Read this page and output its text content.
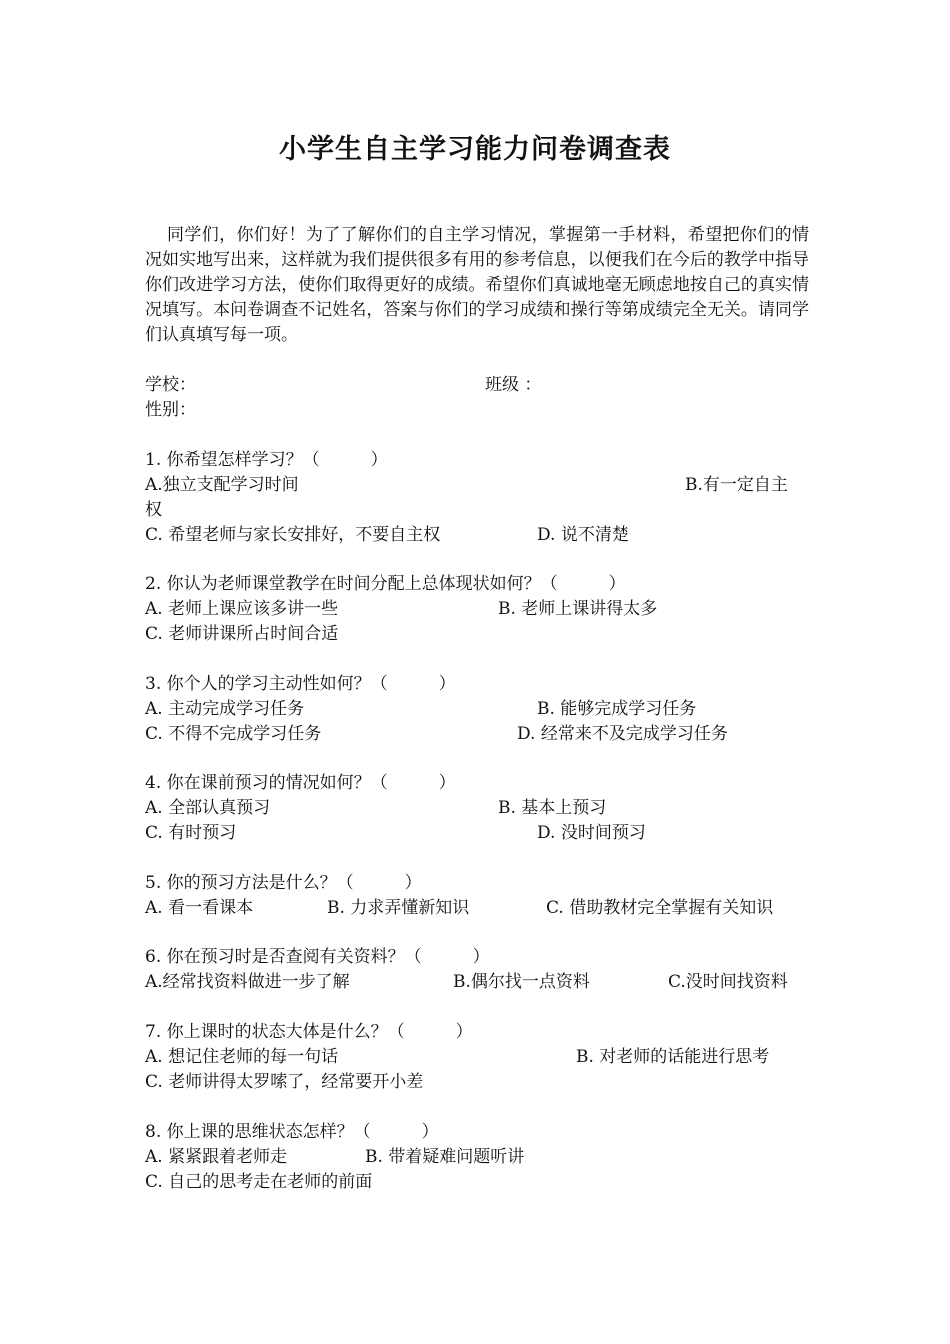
小学生自主学习能力问卷调查表
同学们，你们好！为了了解你们的自主学习情况，掌握第一手材料，希望把你们的情况如实地写出来，这样就为我们提供很多有用的参考信息，以便我们在今后的教学中指导你们改进学习方法，使你们取得更好的成绩。希望你们真诚地毫无顾虑地按自己的真实情况填写。本问卷调查不记姓名，答案与你们的学习成绩和操行等第成绩完全无关。请同学们认真填写每一项。
学校：	班级 ：
性别：
1. 你希望怎样学习？（　　　）
A.独立支配学习时间	B.有一定自主
权
C. 希望老师与家长安排好，不要自主权	D. 说不清楚
2. 你认为老师课堂教学在时间分配上总体现状如何？（　　　）
A. 老师上课应该多讲一些	B. 老师上课讲得太多
C. 老师讲课所占时间合适
3. 你个人的学习主动性如何？（　　　）
A. 主动完成学习任务	B. 能够完成学习任务
C. 不得不完成学习任务	D. 经常来不及完成学习任务
4. 你在课前预习的情况如何？（　　　）
A. 全部认真预习	B. 基本上预习
C. 有时预习	D. 没时间预习
5. 你的预习方法是什么？（　　　）
A. 看一看课本	B. 力求弄懂新知识	C. 借助教材完全掌握有关知识
6. 你在预习时是否查阅有关资料？（　　　）
A.经常找资料做进一步了解	B.偶尔找一点资料	C.没时间找资料
7. 你上课时的状态大体是什么？（　　　）
A. 想记住老师的每一句话	B. 对老师的话能进行思考
C. 老师讲得太罗嗦了，经常要开小差
8. 你上课的思维状态怎样？（　　　）
A. 紧紧跟着老师走	B. 带着疑难问题听讲
C. 自己的思考走在老师的前面
